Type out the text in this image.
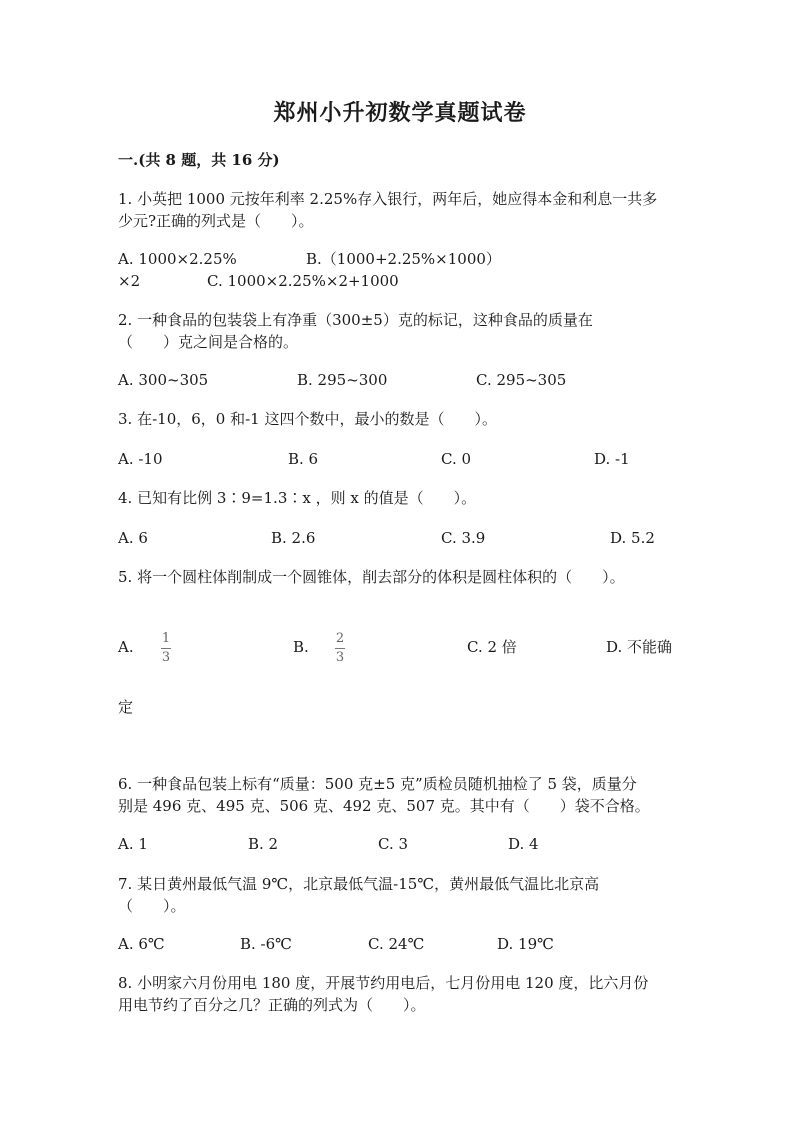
郑州小升初数学真题试卷
一.(共 8 题，共 16 分)
1. 小英把 1000 元按年利率 2.25%存入银行，两年后，她应得本金和利息一共多
少元?正确的列式是（　　）。
A. 1000×2.25%	B.（1000+2.25%×1000）
×2	C. 1000×2.25%×2+1000
2. 一种食品的包装袋上有净重（300±5）克的标记，这种食品的质量在
（　　）克之间是合格的。
A. 300~305	B. 295~300	C. 295~305
3. 在-10，6，0 和-1 这四个数中，最小的数是（　　）。
A. -10	B. 6	C. 0	D. -1
4. 已知有比例 3∶9=1.3∶x ，则 x 的值是（　　）。
A. 6	B. 2.6	C. 3.9	D. 5.2
5. 将一个圆柱体削制成一个圆锥体，削去部分的体积是圆柱体积的（　　）。
A. 1
3
B. 2
3
C. 2 倍	D. 不能确
定
6. 一种食品包装上标有“质量：500 克±5 克”质检员随机抽检了 5 袋，质量分
别是 496 克、495 克、506 克、492 克、507 克。其中有（　　）袋不合格。
A. 1	B. 2	C. 3	D. 4
7. 某日黄州最低气温 9℃，北京最低气温-15℃，黄州最低气温比北京高
（　　）。
A. 6℃	B. -6℃	C. 24℃	D. 19℃
8. 小明家六月份用电 180 度，开展节约用电后，七月份用电 120 度，比六月份
用电节约了百分之几？正确的列式为（　　）。
